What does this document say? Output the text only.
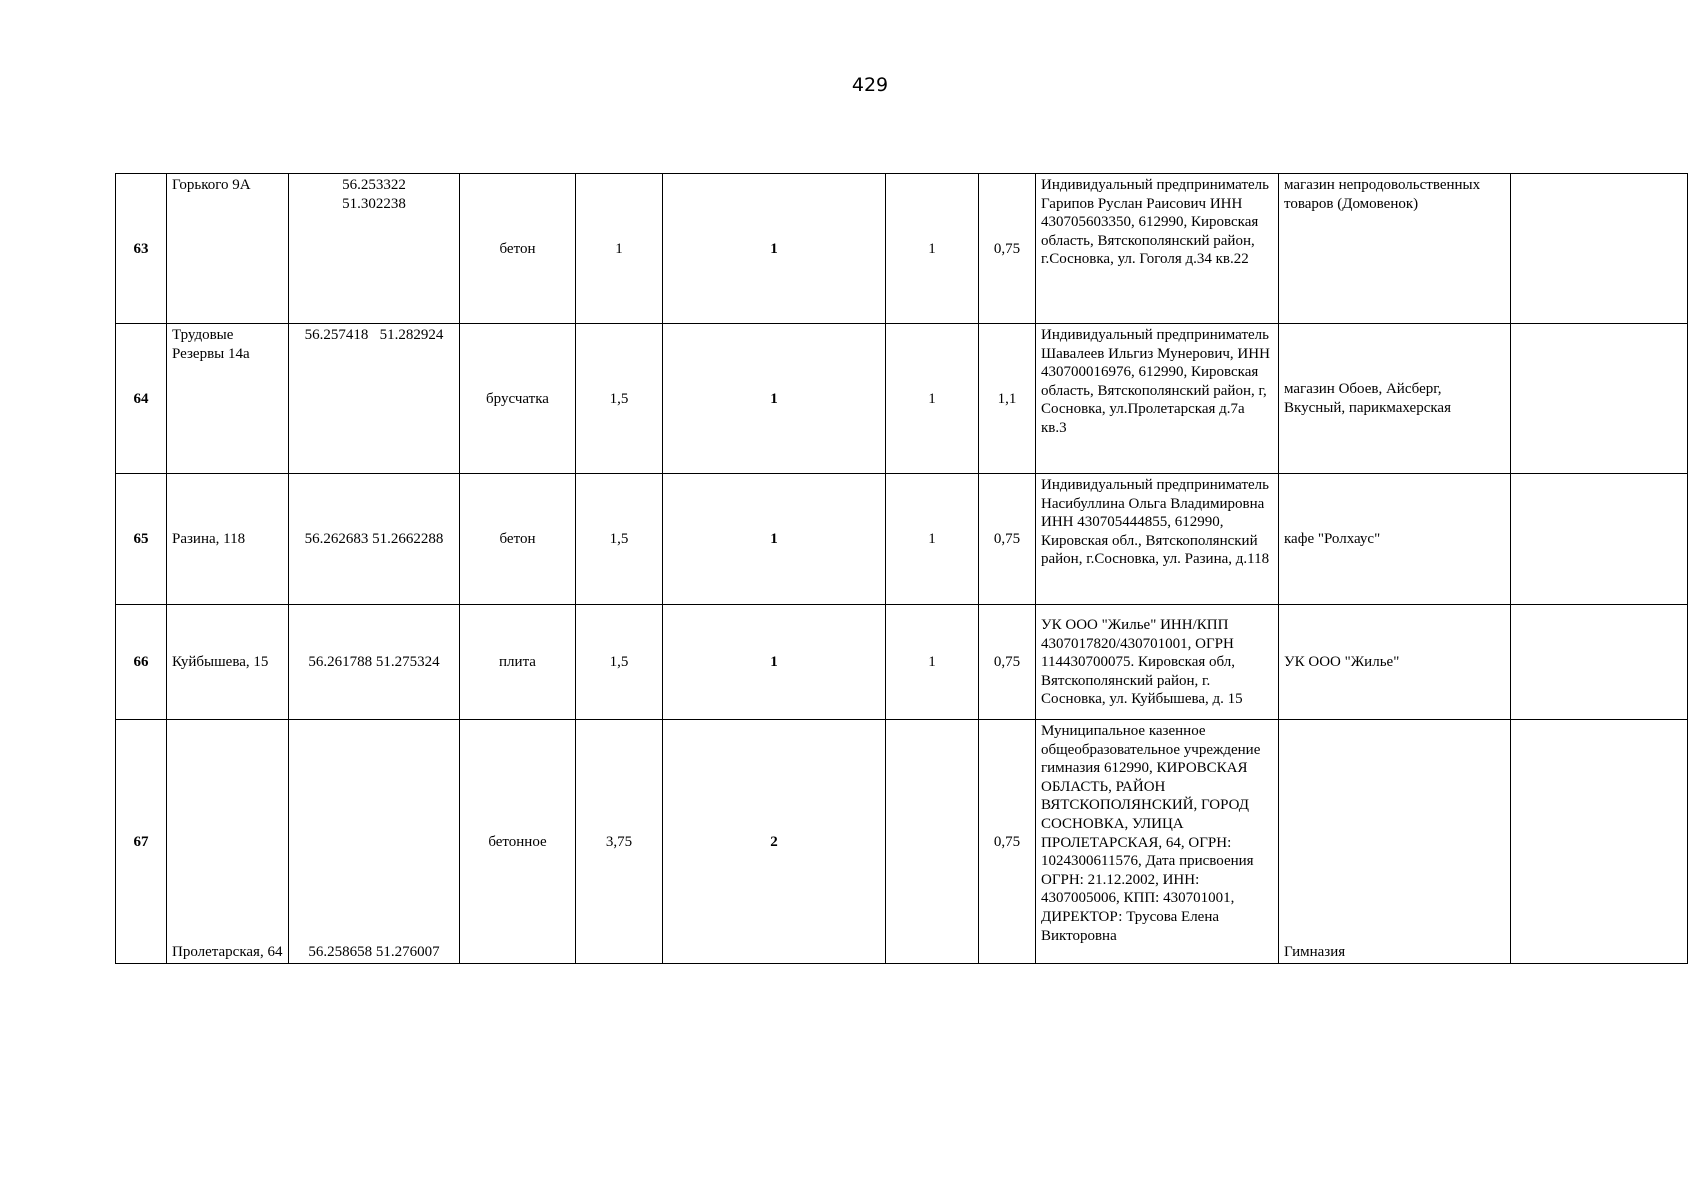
429
63	Горького 9А	56.253322
51.302238	бетон	1	1	1	0,75	Индивидуальный предприниматель Гарипов Руслан Раисович ИНН 430705603350, 612990, Кировская область, Вятскополянский район, г.Сосновка, ул. Гоголя д.34 кв.22	магазин непродовольственных товаров (Домовенок)	
64	Трудовые Резервы 14а	56.257418   51.282924	брусчатка	1,5	1	1	1,1	Индивидуальный предприниматель Шавалеев Ильгиз Мунерович, ИНН 430700016976, 612990, Кировская область, Вятскополянский район, г, Сосновка, ул.Пролетарская д.7а кв.3	магазин Обоев, Айсберг, Вкусный, парикмахерская	
65	Разина, 118	56.262683 51.2662288	бетон	1,5	1	1	0,75	Индивидуальный предприниматель Насибуллина Ольга Владимировна ИНН 430705444855, 612990, Кировская обл., Вятскополянский район, г.Сосновка, ул. Разина, д.118	кафе "Ролхаус"	
66	Куйбышева, 15	56.261788 51.275324	плита	1,5	1	1	0,75	УК ООО "Жилье" ИНН/КПП 4307017820/430701001, ОГРН 114430700075. Кировская обл, Вятскополянский район, г. Сосновка, ул. Куйбышева, д. 15	УК ООО "Жилье"	
67	Пролетарская, 64	56.258658 51.276007	бетонное	3,75	2		0,75	Муниципальное казенное общеобразовательное учреждение гимназия 612990, КИРОВСКАЯ ОБЛАСТЬ, РАЙОН ВЯТСКОПОЛЯНСКИЙ, ГОРОД СОСНОВКА, УЛИЦА ПРОЛЕТАРСКАЯ, 64, ОГРН: 1024300611576, Дата присвоения ОГРН: 21.12.2002, ИНН: 4307005006, КПП: 430701001, ДИРЕКТОР: Трусова Елена Викторовна	Гимназия	
